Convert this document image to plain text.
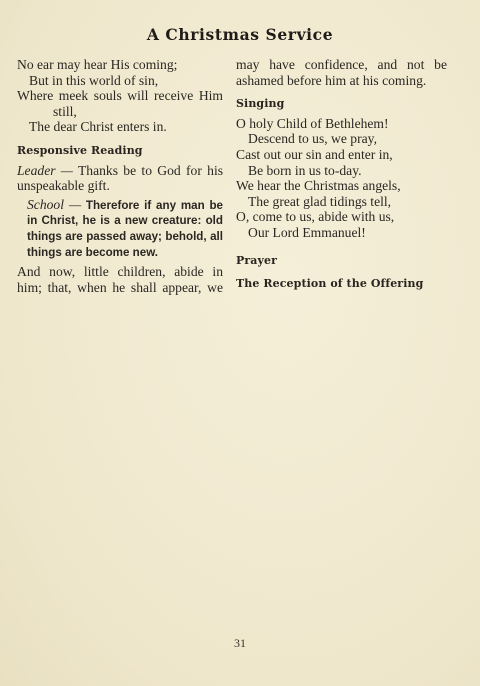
A Christmas Service
No ear may hear His coming;
But in this world of sin,
Where meek souls will receive Him
still,
The dear Christ enters in.
Responsive Reading
Leader — Thanks be to God for his
unspeakable gift.
School — Therefore if any man be
in Christ, he is a new creature: old
things are passed away; behold, all
things are become new.
And now, little children, abide in
him; that, when he shall appear, we
may have confidence, and not be
ashamed before him at his coming.
Singing
O holy Child of Bethlehem!
Descend to us, we pray,
Cast out our sin and enter in,
Be born in us to-day.
We hear the Christmas angels,
The great glad tidings tell,
O, come to us, abide with us,
Our Lord Emmanuel!
Prayer
The Reception of the Offering
31
